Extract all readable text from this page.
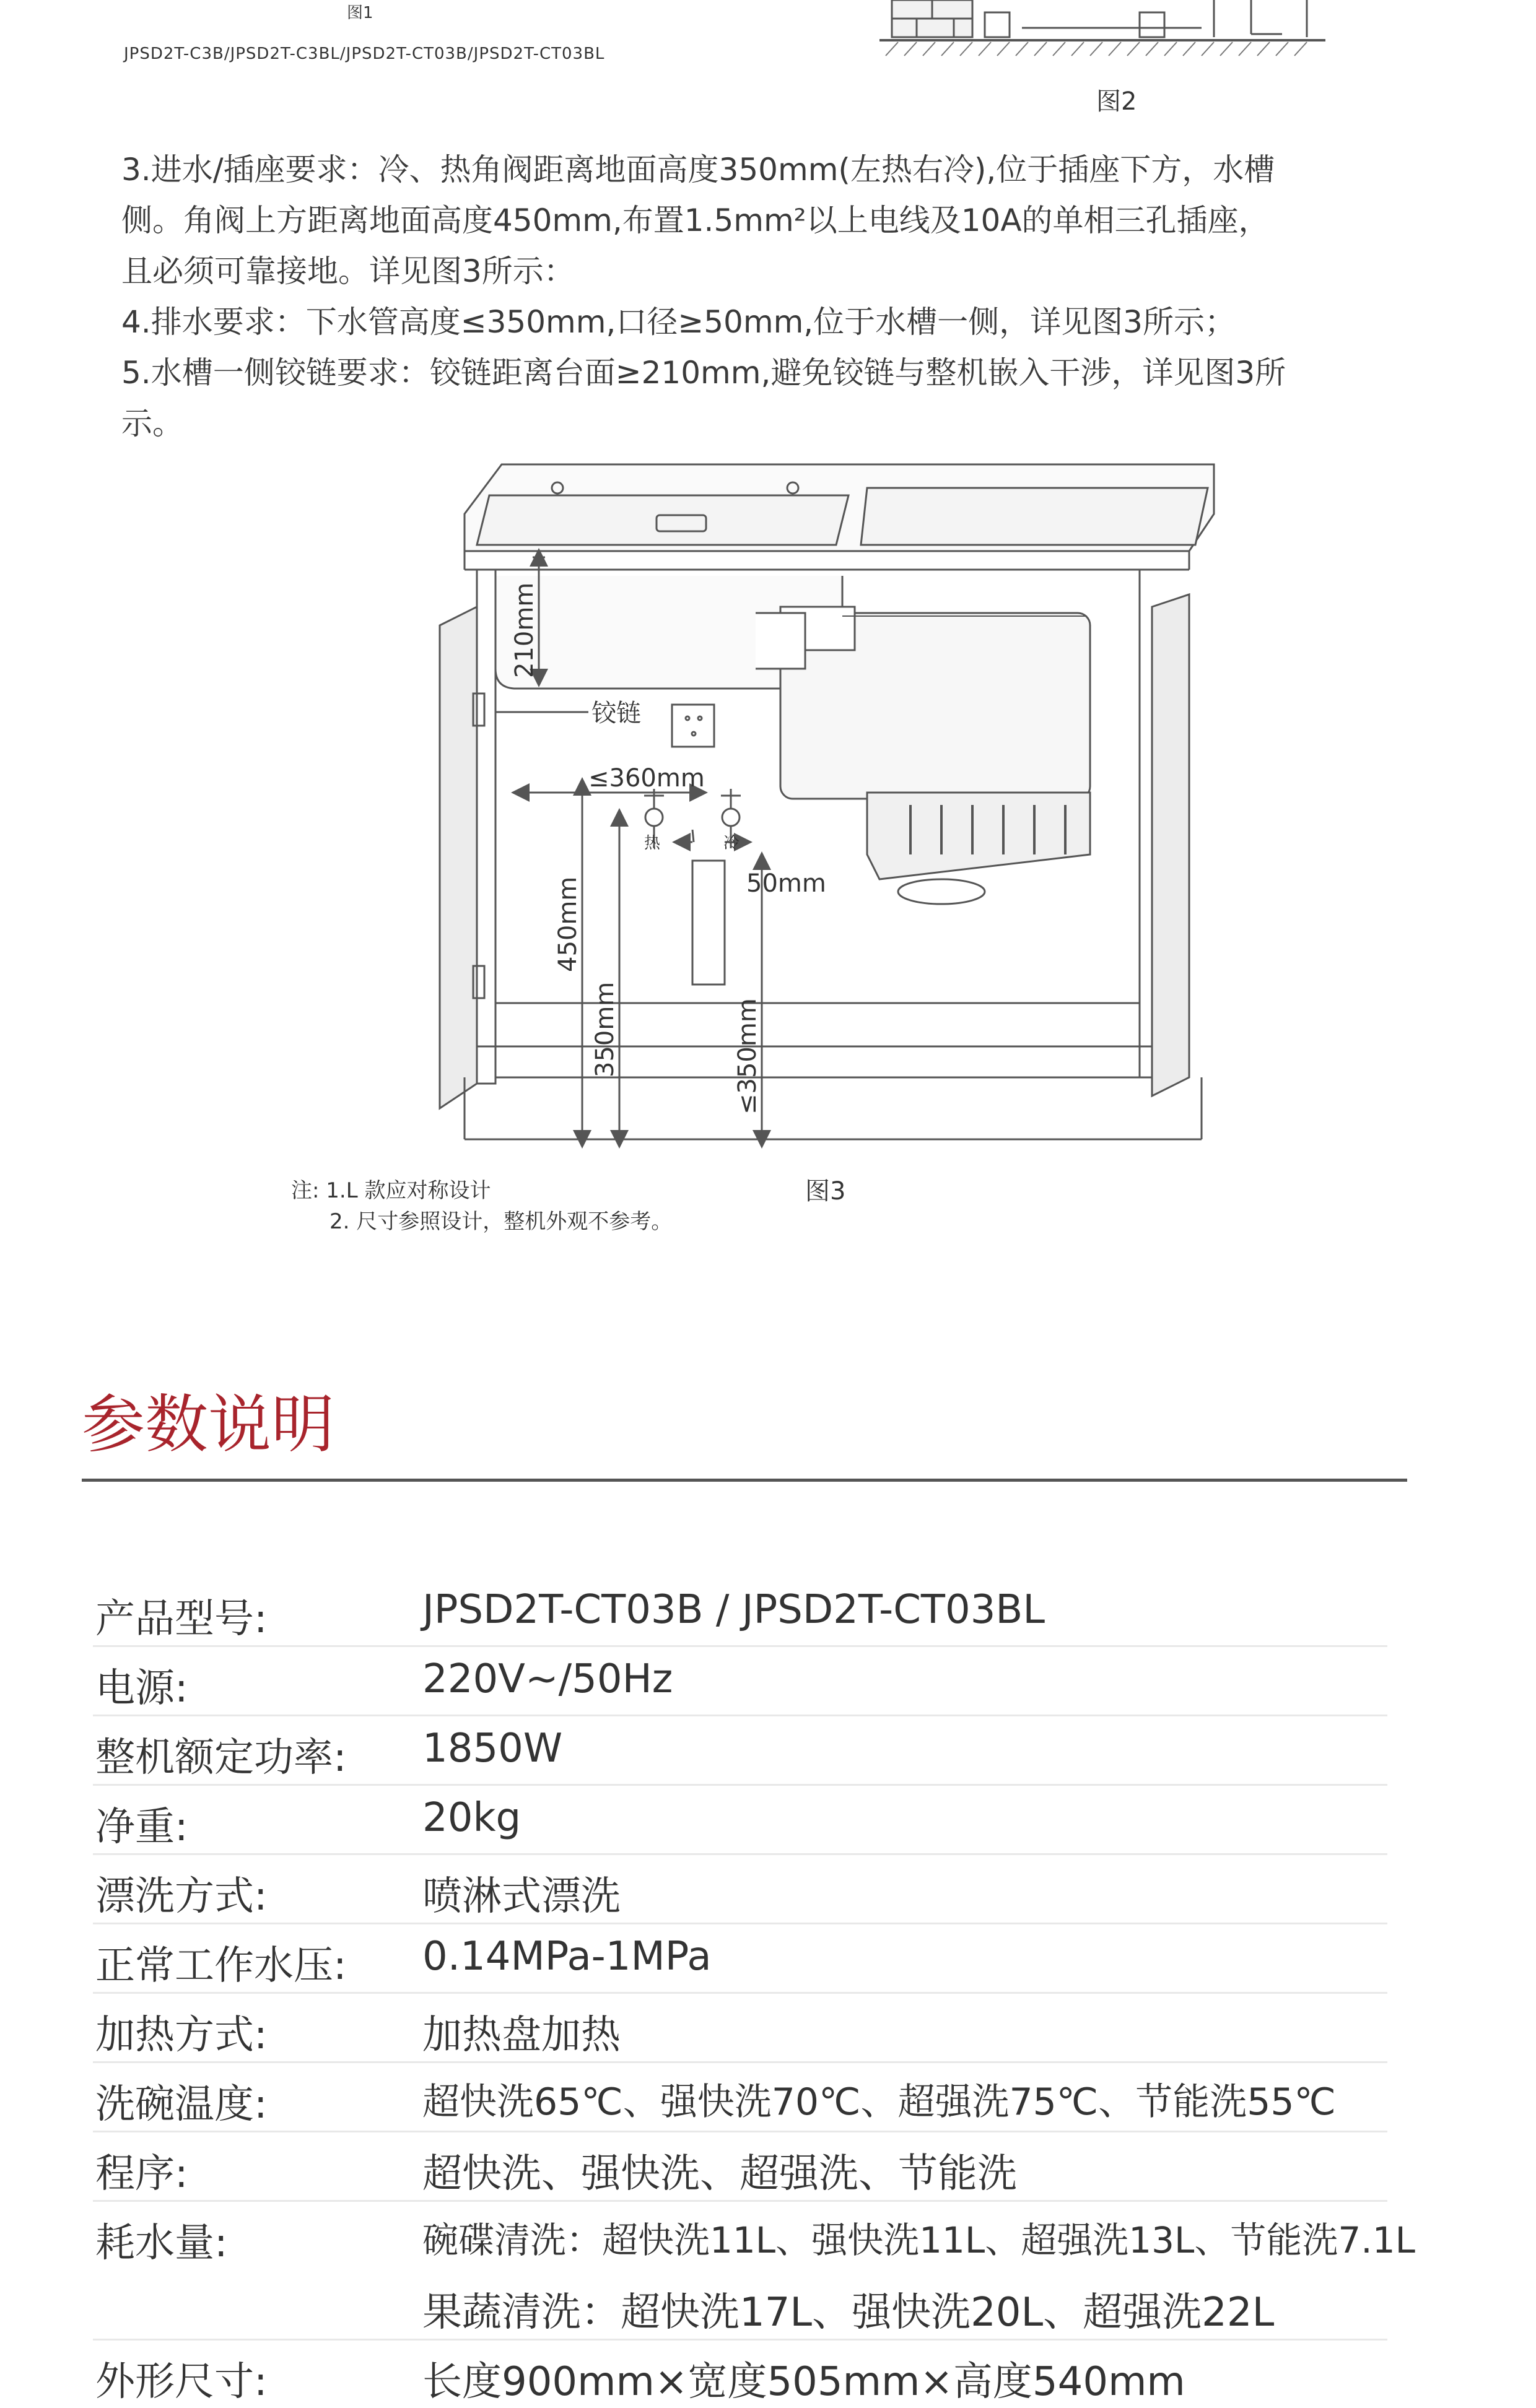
图1
JPSD2T-C3B/JPSD2T-C3BL/JPSD2T-CT03B/JPSD2T-CT03BL
图2
3.进水/插座要求：冷、热角阀距离地面高度350mm(左热右冷),位于插座下方，水槽
侧。角阀上方距离地面高度450mm,布置1.5mm²以上电线及10A的单相三孔插座，
且必须可靠接地。详见图3所示：
4.排水要求：下水管高度≤350mm,口径≥50mm,位于水槽一侧，详见图3所示；
5.水槽一侧铰链要求：铰链距离台面≥210mm,避免铰链与整机嵌入干涉，详见图3所
示。
210mm
铰链
≤360mm
热	冷
50mm
450mm
350mm	≤350mm
注: 1.L 款应对称设计
2. 尺寸参照设计，整机外观不参考。
图3
参数说明
产品型号:	JPSD2T-CT03B / JPSD2T-CT03BL
电源:	220V~/50Hz
整机额定功率: 1850W
净重:	20kg
漂洗方式:	喷淋式漂洗
正常工作水压: 0.14MPa-1MPa
加热方式:	加热盘加热
洗碗温度:	超快洗65℃、强快洗70℃、超强洗75℃、节能洗55℃
程序:	超快洗、强快洗、超强洗、节能洗
耗水量:	碗碟清洗：超快洗11L、强快洗11L、超强洗13L、节能洗7.1L
果蔬清洗：超快洗17L、强快洗20L、超强洗22L
外形尺寸:	长度900mm×宽度505mm×高度540mm
